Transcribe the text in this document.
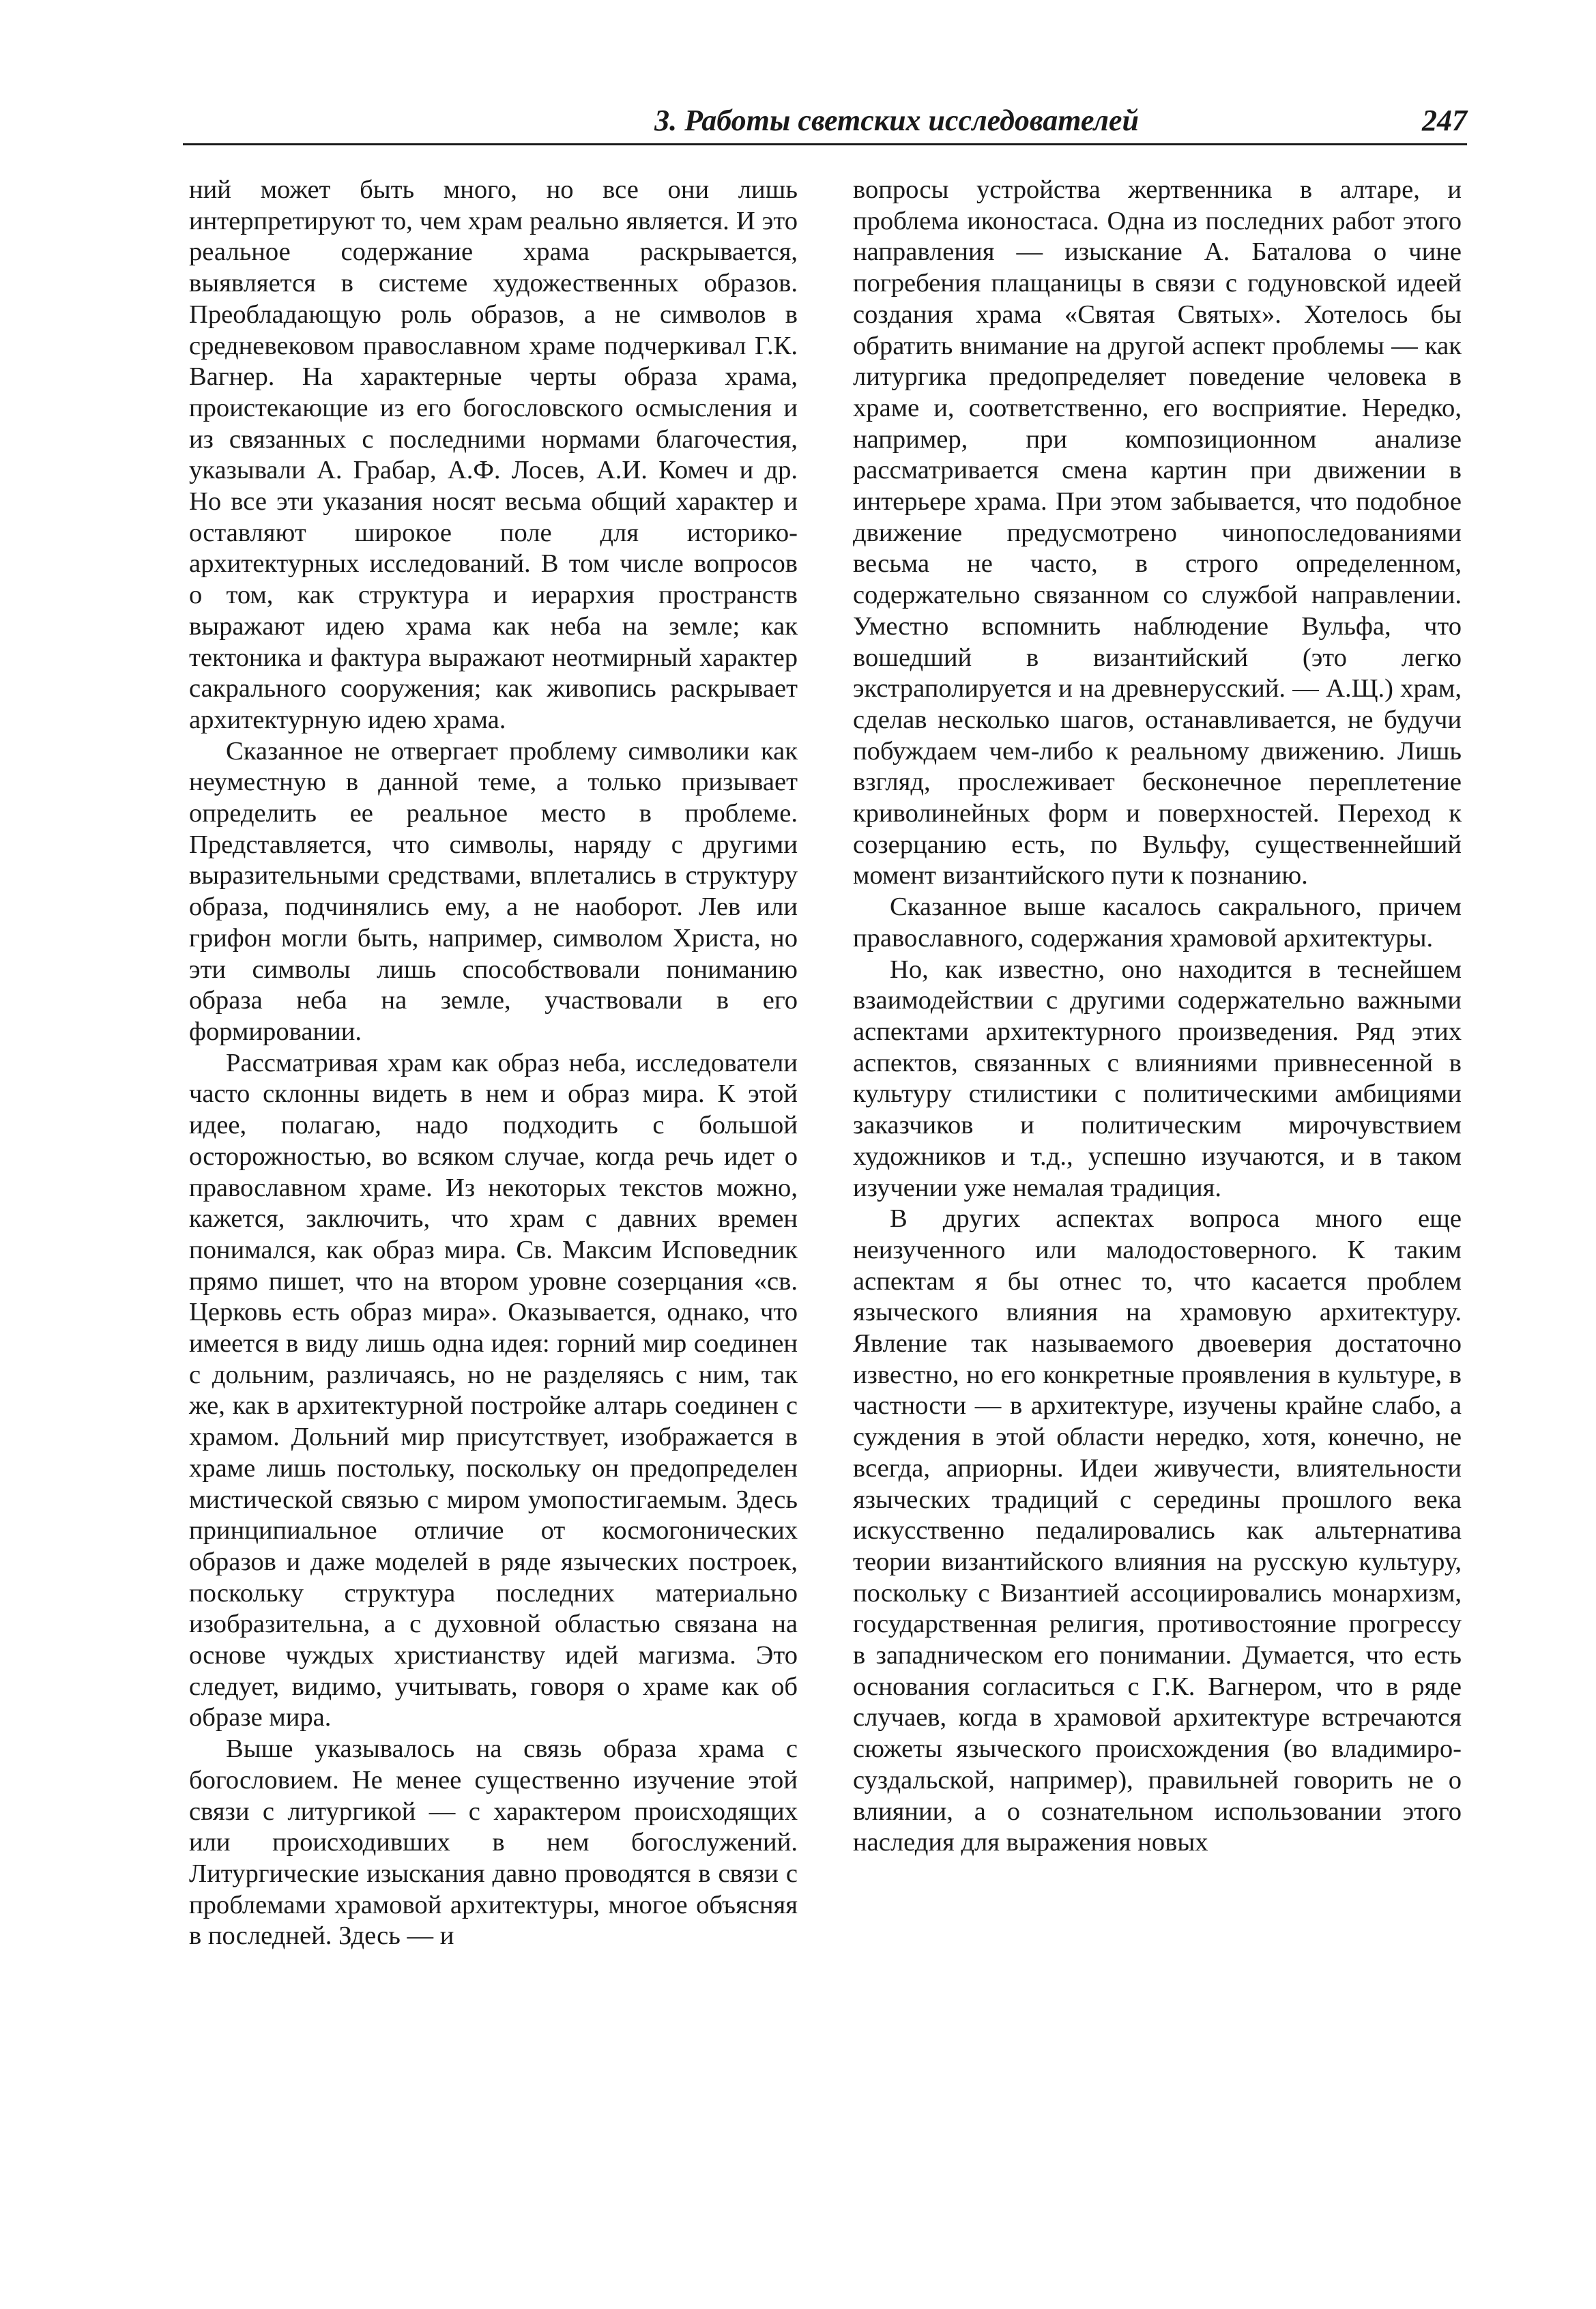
3. Работы светских исследователей	247

ний может быть много, но все они лишь интерпретируют то, чем храм реально является. И это реальное содержание храма раскрывается, выявляется в системе художественных образов. Преобладающую роль образов, а не символов в средневековом православном храме подчеркивал Г.К. Вагнер. На характерные черты образа храма, проистекающие из его богословского осмысления и из связанных с последними нормами благочестия, указывали А. Грабар, А.Ф. Лосев, А.И. Комеч и др. Но все эти указания носят весьма общий характер и оставляют широкое поле для историко-архитектурных исследований. В том числе вопросов о том, как структура и иерархия пространств выражают идею храма как неба на земле; как тектоника и фактура выражают неотмирный характер сакрального сооружения; как живопись раскрывает архитектурную идею храма.

Сказанное не отвергает проблему символики как неуместную в данной теме, а только призывает определить ее реальное место в проблеме. Представляется, что символы, наряду с другими выразительными средствами, вплетались в структуру образа, подчинялись ему, а не наоборот. Лев или грифон могли быть, например, символом Христа, но эти символы лишь способствовали пониманию образа неба на земле, участвовали в его формировании.

Рассматривая храм как образ неба, исследователи часто склонны видеть в нем и образ мира. К этой идее, полагаю, надо подходить с большой осторожностью, во всяком случае, когда речь идет о православном храме. Из некоторых текстов можно, кажется, заключить, что храм с давних времен понимался, как образ мира. Св. Максим Исповедник прямо пишет, что на втором уровне созерцания «св. Церковь есть образ мира». Оказывается, однако, что имеется в виду лишь одна идея: горний мир соединен с дольним, различаясь, но не разделяясь с ним, так же, как в архитектурной постройке алтарь соединен с храмом. Дольний мир присутствует, изображается в храме лишь постольку, поскольку он предопределен мистической связью с миром умопостигаемым. Здесь принципиальное отличие от космогонических образов и даже моделей в ряде языческих построек, поскольку структура последних материально изобразительна, а с духовной областью связана на основе чуждых христианству идей магизма. Это следует, видимо, учитывать, говоря о храме как об образе мира.

Выше указывалось на связь образа храма с богословием. Не менее существенно изучение этой связи с литургикой — с характером происходящих или происходивших в нем богослужений. Литургические изыскания давно проводятся в связи с проблемами храмовой архитектуры, многое объясняя в последней. Здесь — и

вопросы устройства жертвенника в алтаре, и проблема иконостаса. Одна из последних работ этого направления — изыскание А. Баталова о чине погребения плащаницы в связи с годуновской идеей создания храма «Святая Святых». Хотелось бы обратить внимание на другой аспект проблемы — как литургика предопределяет поведение человека в храме и, соответственно, его восприятие. Нередко, например, при композиционном анализе рассматривается смена картин при движении в интерьере храма. При этом забывается, что подобное движение предусмотрено чинопоследованиями весьма не часто, в строго определенном, содержательно связанном со службой направлении. Уместно вспомнить наблюдение Вульфа, что вошедший в византийский (это легко экстраполируется и на древнерусский. — А.Щ.) храм, сделав несколько шагов, останавливается, не будучи побуждаем чем-либо к реальному движению. Лишь взгляд, прослеживает бесконечное переплетение криволинейных форм и поверхностей. Переход к созерцанию есть, по Вульфу, существеннейший момент византийского пути к познанию.

Сказанное выше касалось сакрального, причем православного, содержания храмовой архитектуры.

Но, как известно, оно находится в теснейшем взаимодействии с другими содержательно важными аспектами архитектурного произведения. Ряд этих аспектов, связанных с влияниями привнесенной в культуру стилистики с политическими амбициями заказчиков и политическим мирочувствием художников и т.д., успешно изучаются, и в таком изучении уже немалая традиция.

В других аспектах вопроса много еще неизученного или малодостоверного. К таким аспектам я бы отнес то, что касается проблем языческого влияния на храмовую архитектуру. Явление так называемого двоеверия достаточно известно, но его конкретные проявления в культуре, в частности — в архитектуре, изучены крайне слабо, а суждения в этой области нередко, хотя, конечно, не всегда, априорны. Идеи живучести, влиятельности языческих традиций с середины прошлого века искусственно педалировались как альтернатива теории византийского влияния на русскую культуру, поскольку с Византией ассоциировались монархизм, государственная религия, противостояние прогрессу в западническом его понимании. Думается, что есть основания согласиться с Г.К. Вагнером, что в ряде случаев, когда в храмовой архитектуре встречаются сюжеты языческого происхождения (во владимиро-суздальской, например), правильней говорить не о влиянии, а о сознательном использовании этого наследия для выражения новых
